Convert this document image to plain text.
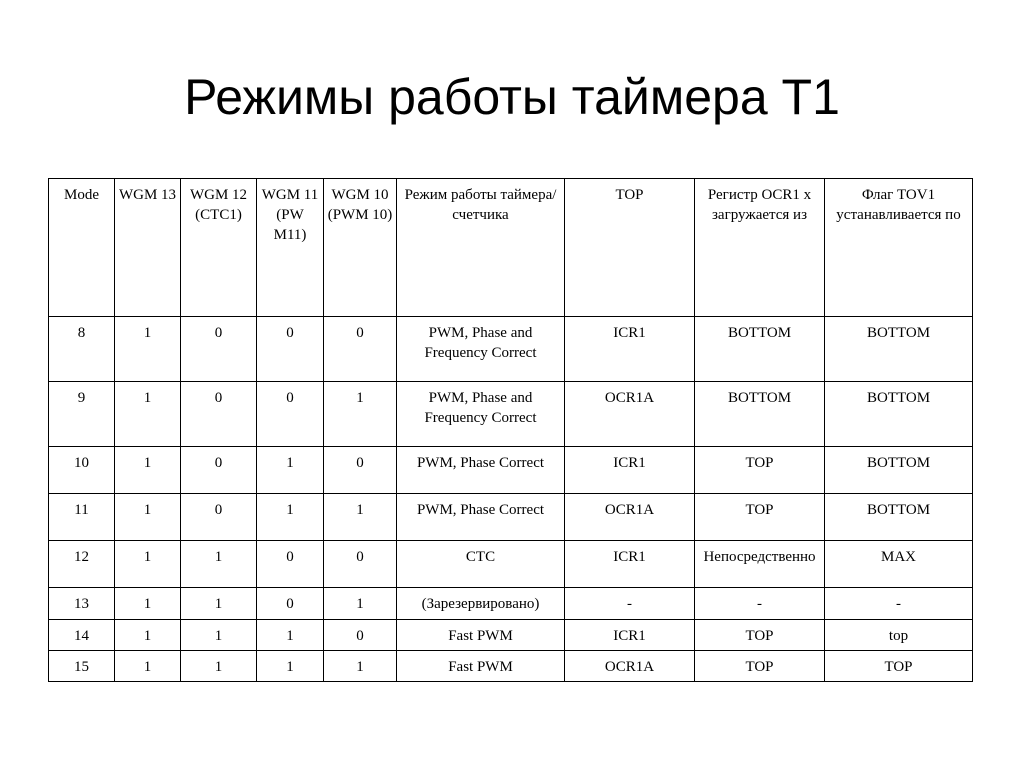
Режимы работы таймера Т1
Mode	WGM 13	WGM 12 (CTC1)	WGM 11 (PW M11)	WGM 10 (PWM 10)	Режим работы таймера/ счетчика	TOP	Регистр OCR1 x загружается из	Флаг TOV1 устанавливается по
8	1	0	0	0	PWM, Phase and Frequency Correct	ICR1	BOTTOM	BOTTOM
9	1	0	0	1	PWM, Phase and Frequency Correct	OCR1A	BOTTOM	BOTTOM
10	1	0	1	0	PWM, Phase Correct	ICR1	TOP	BOTTOM
11	1	0	1	1	PWM, Phase Correct	OCR1A	TOP	BOTTOM
12	1	1	0	0	CTC	ICR1	Непосредственно	MAX
13	1	1	0	1	(Зарезервировано)	-	-	-
14	1	1	1	0	Fast PWM	ICR1	TOP	top
15	1	1	1	1	Fast PWM	OCR1A	TOP	TOP
